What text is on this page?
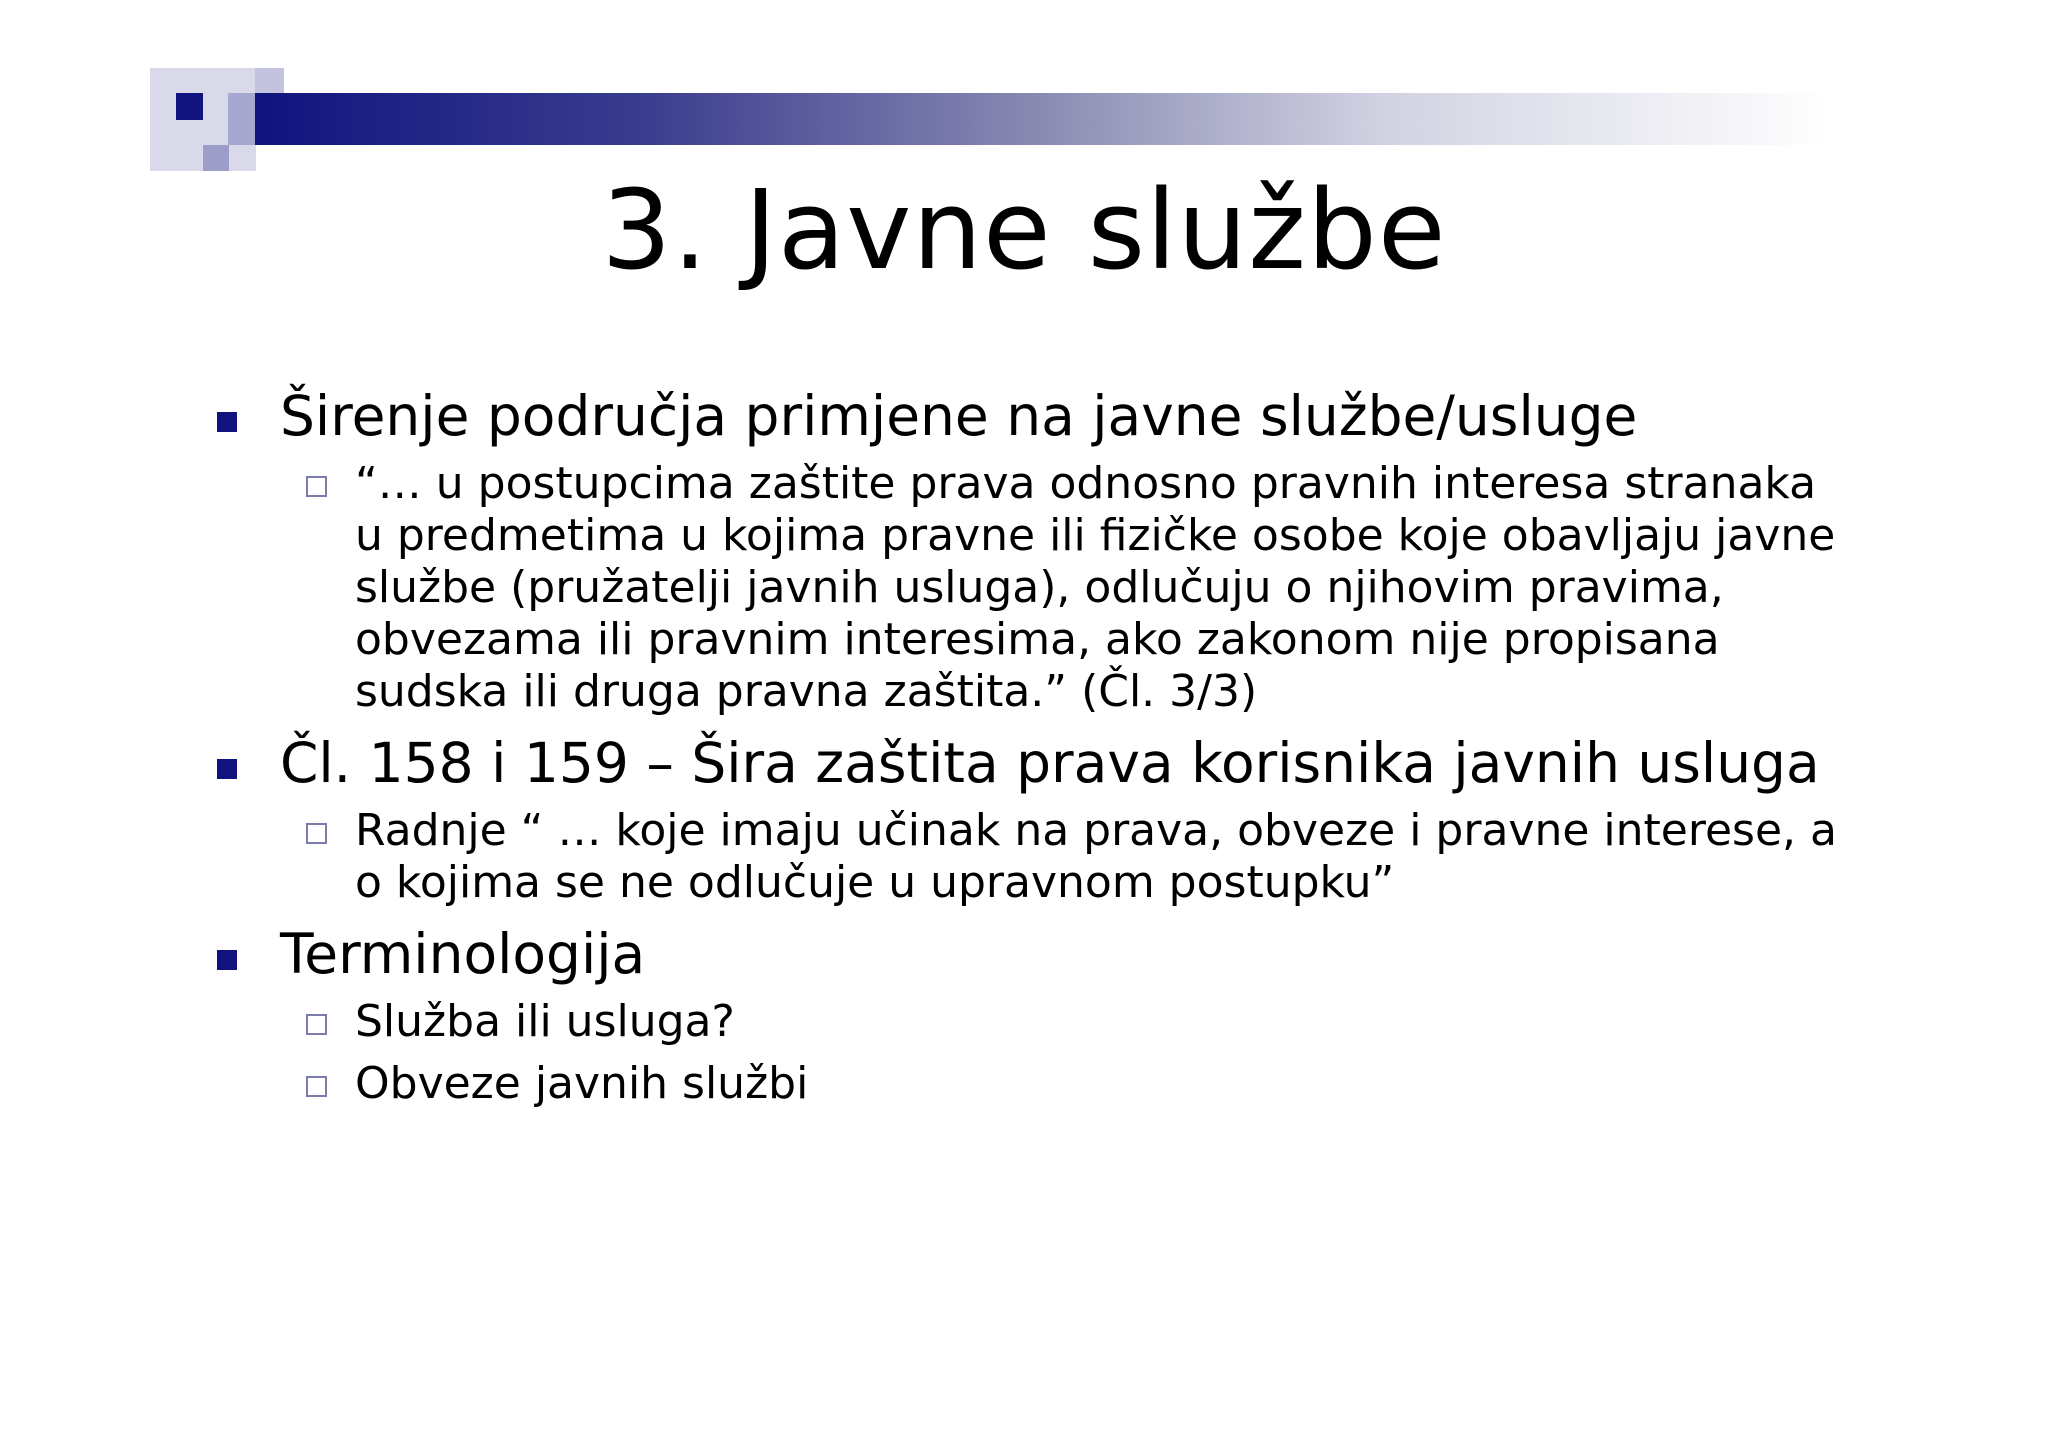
3. Javne službe
Širenje područja primjene na javne službe/usluge
“… u postupcima zaštite prava odnosno pravnih interesa stranaka u predmetima u kojima pravne ili fizičke osobe koje obavljaju javne službe (pružatelji javnih usluga), odlučuju o njihovim pravima, obvezama ili pravnim interesima, ako zakonom nije propisana sudska ili druga pravna zaštita.” (Čl. 3/3)
Čl. 158 i 159 – Šira zaštita prava korisnika javnih usluga
Radnje “ … koje imaju učinak na prava, obveze i pravne interese, a o kojima se ne odlučuje u upravnom postupku”
Terminologija
Služba ili usluga?
Obveze javnih službi
